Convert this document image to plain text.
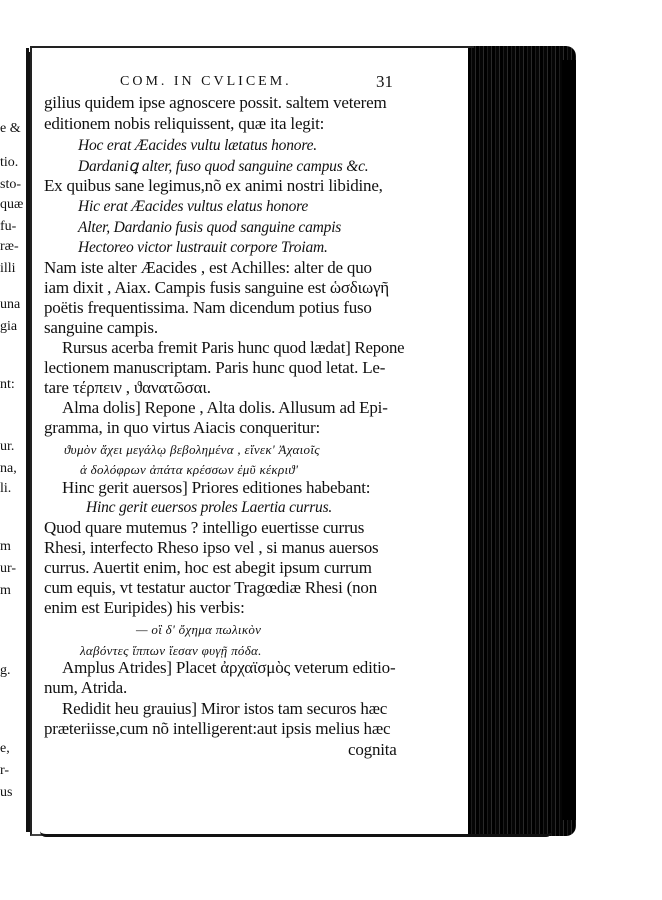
e &
tio.
sto-
quæ
fu-
ræ-
illi
una
gia
nt:
ur.
na,
li.
m
ur-
m
g.
e,
r-
us
COM. IN CVLICEM.	31
gilius quidem ipse agnoscere possit. saltem veterem
editionem nobis reliquissent, quæ ita legit:
Hoc erat Æacides vultu lætatus honore.
Dardaniꝗ alter, fuso quod sanguine campus &c.
Ex quibus sane legimus,nõ ex animi nostri libidine,
Hic erat Æacides vultus elatus honore
Alter, Dardanio fusis quod sanguine campis
Hectoreo victor lustrauit corpore Troiam.
Nam iste alter Æacides , est Achilles: alter de quo
iam dixit , Aiax. Campis fusis sanguine est ὡσδιωγῆ
poëtis frequentissima. Nam dicendum potius fuso
sanguine campis.
Rursus acerba fremit Paris hunc quod lædat] Repone
lectionem manuscriptam. Paris hunc quod letat. Le-
tare τέρπειν , ϑανατῶσαι.
Alma dolis] Repone , Alta dolis. Allusum ad Epi-
gramma, in quo virtus Aiacis conqueritur:
ϑυμὸν ἄχει μεγάλῳ βεβολημένα , εἵνεκ' Ἀχαιοῖς
ἁ δολόφρων ἀπάτα κρέσσων ἐμῦ κέκριϑ'
Hinc gerit auersos] Priores editiones habebant:
Hinc gerit euersos proles Laertia currus.
Quod quare mutemus ? intelligo euertisse currus
Rhesi, interfecto Rheso ipso vel , si manus auersos
currus. Auertit enim, hoc est abegit ipsum currum
cum equis, vt testatur auctor Tragœdiæ Rhesi (non
enim est Euripides) his verbis:
— οἳ δ' ὄχημα πωλικὸν
λαβόντες ἵππων ἵεσαν φυγῇ πόδα.
Amplus Atrides] Placet ἀρχαϊσμὸς veterum editio-
num, Atrida.
Redidit heu grauius] Miror istos tam securos hæc
præteriisse,cum nõ intelligerent:aut ipsis melius hæc
cognita
